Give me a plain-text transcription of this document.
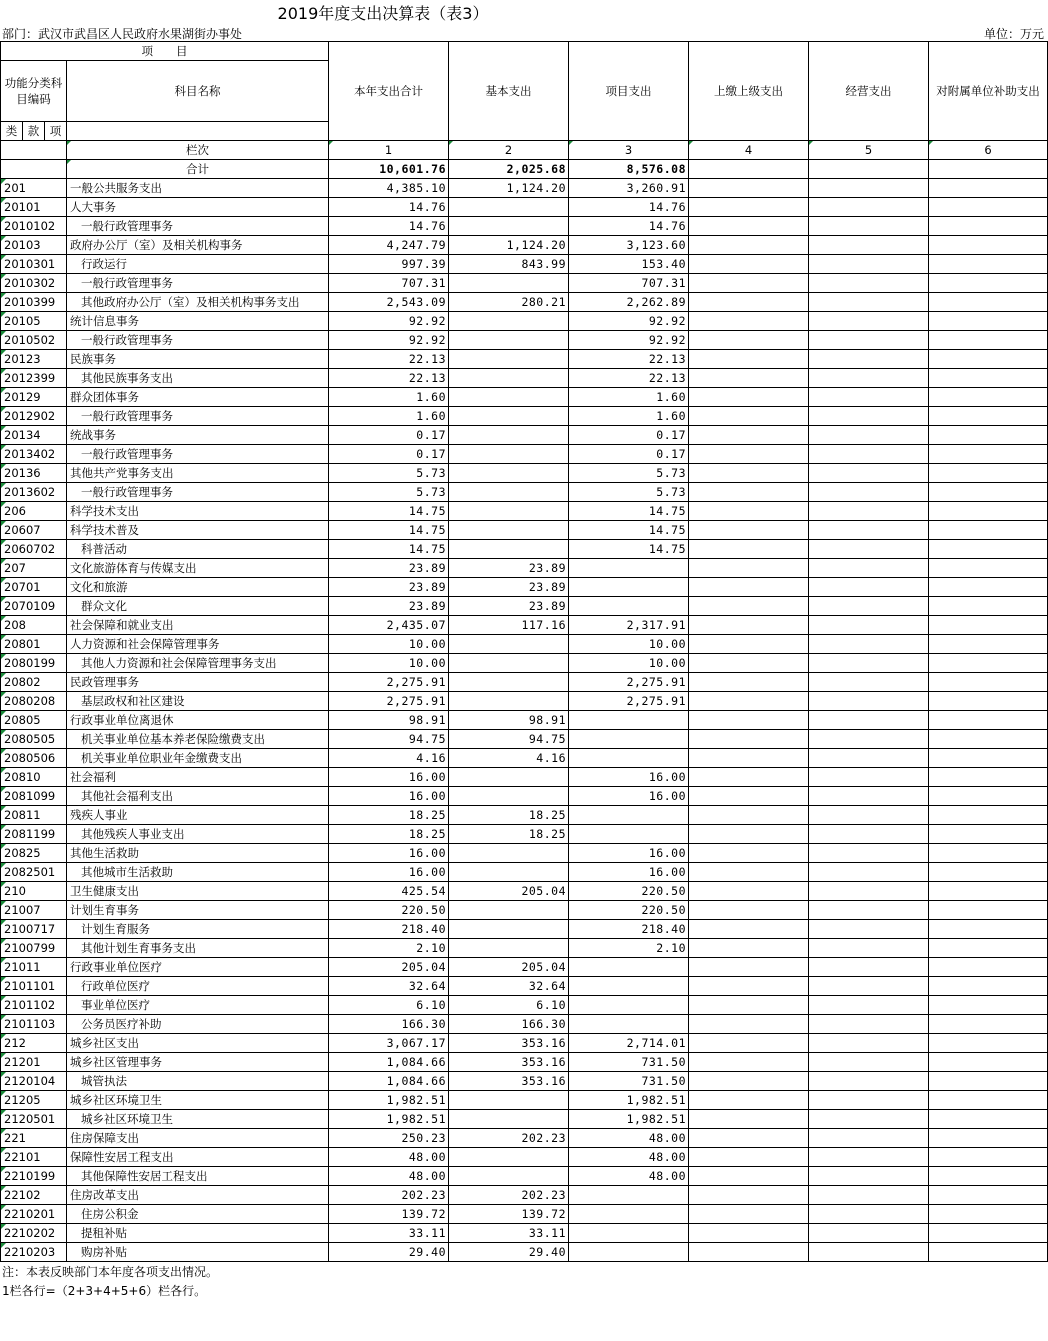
2019年度支出决算表（表3）
部门：武汉市武昌区人民政府水果湖街办事处	单位：万元
项　　目				本年支出合计	基本支出	项目支出	上缴上级支出	经营支出	对附属单位补助支出
功能分类科目编码			科目名称						
类	款	项							
			栏次	1	2	3	4	5	6
			合计	10,601.76	2,025.68	8,576.08			
201			一般公共服务支出	4,385.10	1,124.20	3,260.91			
20101			人大事务	14.76		14.76			
2010102			一般行政管理事务	14.76		14.76			
20103			政府办公厅（室）及相关机构事务	4,247.79	1,124.20	3,123.60			
2010301			行政运行	997.39	843.99	153.40			
2010302			一般行政管理事务	707.31		707.31			
2010399			其他政府办公厅（室）及相关机构事务支出	2,543.09	280.21	2,262.89			
20105			统计信息事务	92.92		92.92			
2010502			一般行政管理事务	92.92		92.92			
20123			民族事务	22.13		22.13			
2012399			其他民族事务支出	22.13		22.13			
20129			群众团体事务	1.60		1.60			
2012902			一般行政管理事务	1.60		1.60			
20134			统战事务	0.17		0.17			
2013402			一般行政管理事务	0.17		0.17			
20136			其他共产党事务支出	5.73		5.73			
2013602			一般行政管理事务	5.73		5.73			
206			科学技术支出	14.75		14.75			
20607			科学技术普及	14.75		14.75			
2060702			科普活动	14.75		14.75			
207			文化旅游体育与传媒支出	23.89	23.89				
20701			文化和旅游	23.89	23.89				
2070109			群众文化	23.89	23.89				
208			社会保障和就业支出	2,435.07	117.16	2,317.91			
20801			人力资源和社会保障管理事务	10.00		10.00			
2080199			其他人力资源和社会保障管理事务支出	10.00		10.00			
20802			民政管理事务	2,275.91		2,275.91			
2080208			基层政权和社区建设	2,275.91		2,275.91			
20805			行政事业单位离退休	98.91	98.91				
2080505			机关事业单位基本养老保险缴费支出	94.75	94.75				
2080506			机关事业单位职业年金缴费支出	4.16	4.16				
20810			社会福利	16.00		16.00			
2081099			其他社会福利支出	16.00		16.00			
20811			残疾人事业	18.25	18.25				
2081199			其他残疾人事业支出	18.25	18.25				
20825			其他生活救助	16.00		16.00			
2082501			其他城市生活救助	16.00		16.00			
210			卫生健康支出	425.54	205.04	220.50			
21007			计划生育事务	220.50		220.50			
2100717			计划生育服务	218.40		218.40			
2100799			其他计划生育事务支出	2.10		2.10			
21011			行政事业单位医疗	205.04	205.04				
2101101			行政单位医疗	32.64	32.64				
2101102			事业单位医疗	6.10	6.10				
2101103			公务员医疗补助	166.30	166.30				
212			城乡社区支出	3,067.17	353.16	2,714.01			
21201			城乡社区管理事务	1,084.66	353.16	731.50			
2120104			城管执法	1,084.66	353.16	731.50			
21205			城乡社区环境卫生	1,982.51		1,982.51			
2120501			城乡社区环境卫生	1,982.51		1,982.51			
221			住房保障支出	250.23	202.23	48.00			
22101			保障性安居工程支出	48.00		48.00			
2210199			其他保障性安居工程支出	48.00		48.00			
22102			住房改革支出	202.23	202.23				
2210201			住房公积金	139.72	139.72				
2210202			提租补贴	33.11	33.11				
2210203			购房补贴	29.40	29.40				
注：本表反映部门本年度各项支出情况。
1栏各行=（2+3+4+5+6）栏各行。
